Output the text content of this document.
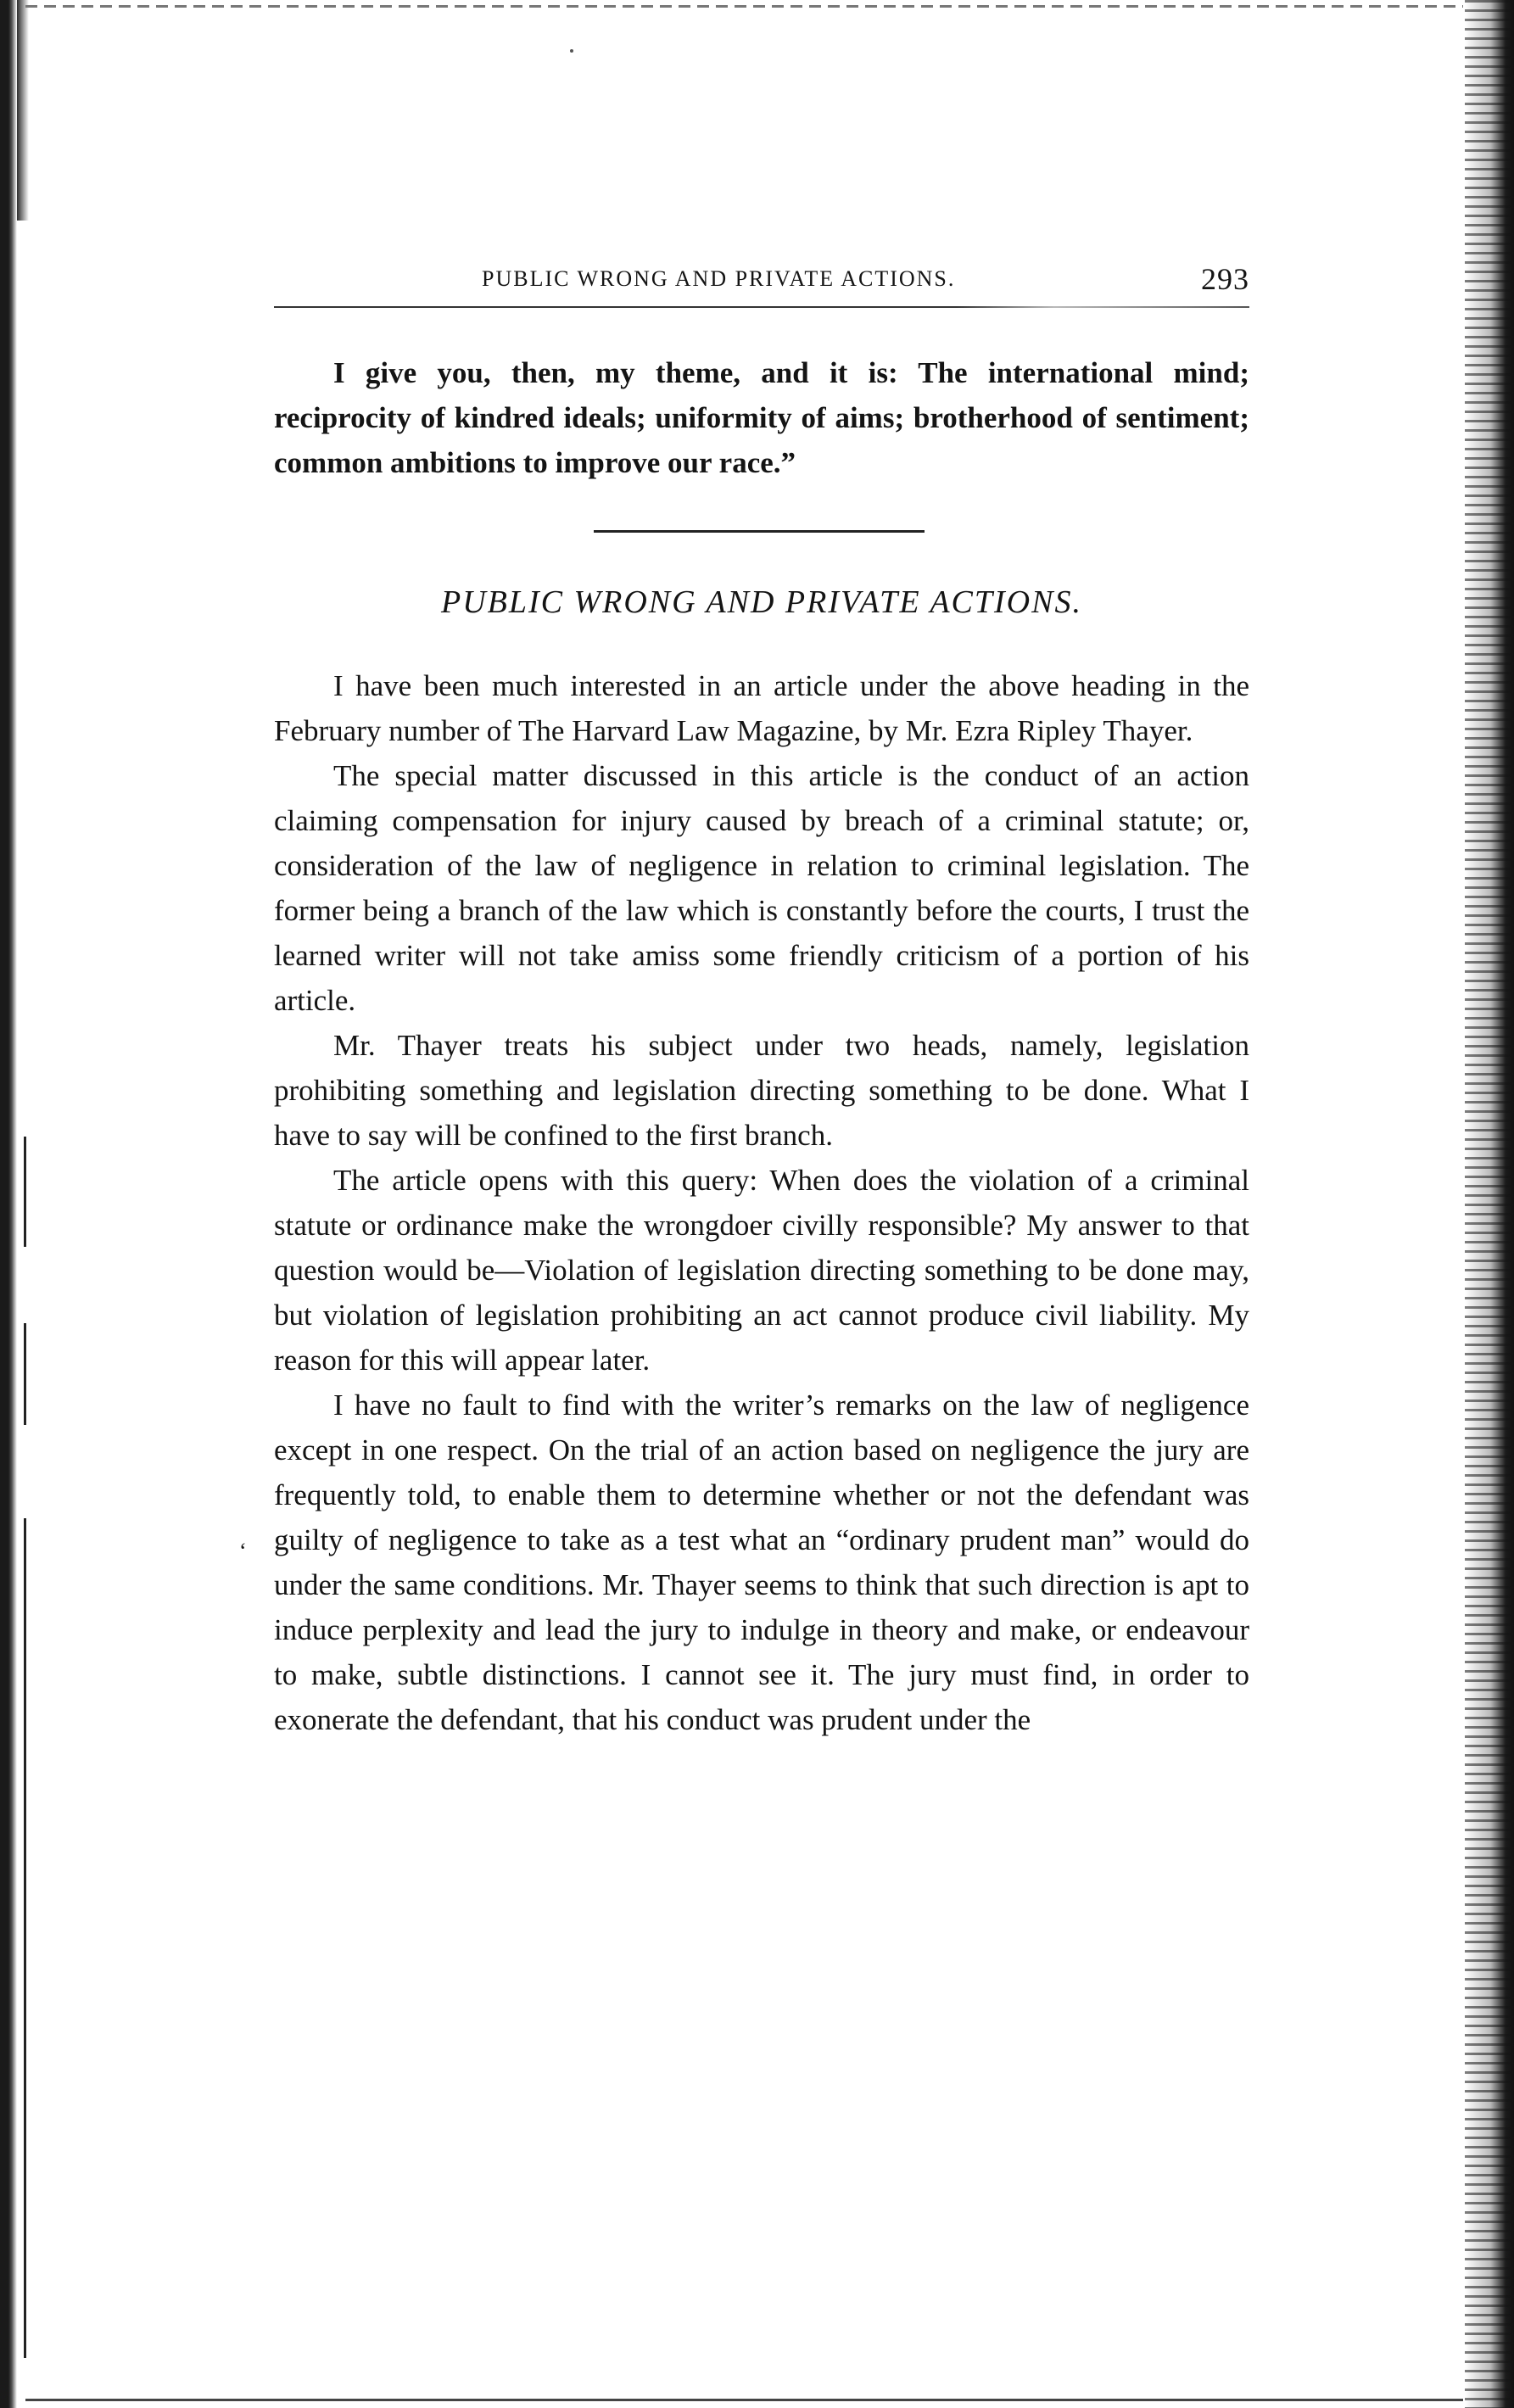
PUBLIC WRONG AND PRIVATE ACTIONS.	293

I give you, then, my theme, and it is: The international mind; reciprocity of kindred ideals; uniformity of aims; brotherhood of sentiment; common ambitions to improve our race.”

PUBLIC WRONG AND PRIVATE ACTIONS.

I have been much interested in an article under the above heading in the February number of The Harvard Law Magazine, by Mr. Ezra Ripley Thayer.

The special matter discussed in this article is the conduct of an action claiming compensation for injury caused by breach of a criminal statute; or, consideration of the law of negligence in relation to criminal legislation. The former being a branch of the law which is constantly before the courts, I trust the learned writer will not take amiss some friendly criticism of a portion of his article.

Mr. Thayer treats his subject under two heads, namely, legislation prohibiting something and legislation directing something to be done. What I have to say will be confined to the first branch.

The article opens with this query: When does the violation of a criminal statute or ordinance make the wrongdoer civilly responsible? My answer to that question would be—Violation of legislation directing something to be done may, but violation of legislation prohibiting an act cannot produce civil liability. My reason for this will appear later.

I have no fault to find with the writer’s remarks on the law of negligence except in one respect. On the trial of an action based on negligence the jury are frequently told, to enable them to determine whether or not the defendant was guilty of negligence to take as a test what an “ordinary prudent man” would do under the same conditions. Mr. Thayer seems to think that such direction is apt to induce perplexity and lead the jury to indulge in theory and make, or endeavour to make, subtle distinctions. I cannot see it. The jury must find, in order to exonerate the defendant, that his conduct was prudent under the

‘
